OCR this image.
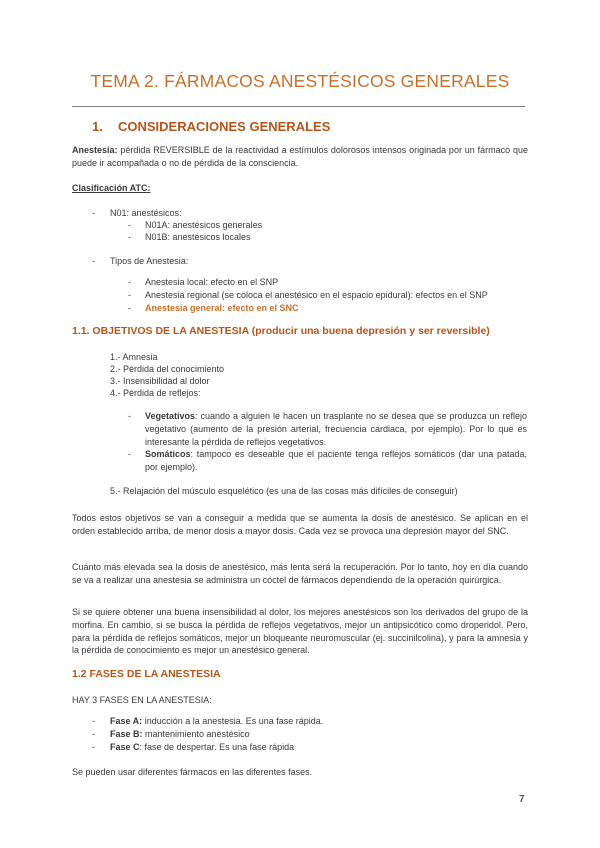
TEMA 2. FÁRMACOS ANESTÉSICOS GENERALES
1. CONSIDERACIONES GENERALES
Anestesia: pérdida REVERSIBLE de la reactividad a estímulos dolorosos intensos originada por un fármaco que puede ir acompañada o no de pérdida de la consciencia.
Clasificación ATC:
- N01: anestésicos:
- N01A: anestésicos generales
- N01B: anestésicos locales
- Tipos de Anestesia:
- Anestesia local: efecto en el SNP
- Anestesia regional (se coloca el anestésico en el espacio epidural): efectos en el SNP
- Anestesia general: efecto en el SNC
1.1. OBJETIVOS DE LA ANESTESIA (producir una buena depresión y ser reversible)
1.- Amnesia
2.- Pérdida del conocimiento
3.- Insensibilidad al dolor
4.- Pérdida de reflejos:
- Vegetativos: cuando a alguien le hacen un trasplante no se desea que se produzca un reflejo vegetativo (aumento de la presión arterial, frecuencia cardiaca, por ejemplo). Por lo que es interesante la pérdida de reflejos vegetativos.
- Somáticos: tampoco es deseable que el paciente tenga reflejos somáticos (dar una patada, por ejemplo).
5.- Relajación del músculo esquelético (es una de las cosas más difíciles de conseguir)
Todos estos objetivos se van a conseguir a medida que se aumenta la dosis de anestésico. Se aplican en el orden establecido arriba, de menor dosis a mayor dosis. Cada vez se provoca una depresión mayor del SNC.
Cuánto más elevada sea la dosis de anestésico, más lenta será la recuperación. Por lo tanto, hoy en día cuando se va a realizar una anestesia se administra un cóctel de fármacos dependiendo de la operación quirúrgica.
Si se quiere obtener una buena insensibilidad al dolor, los mejores anestésicos son los derivados del grupo de la morfina. En cambio, si se busca la pérdida de reflejos vegetativos, mejor un antipsicótico como droperidol. Pero, para la pérdida de reflejos somáticos, mejor un bloqueante neuromuscular (ej. succinilcolina), y para la amnesia y la pérdida de conocimiento es mejor un anestésico general.
1.2 FASES DE LA ANESTESIA
HAY 3 FASES EN LA ANESTESIA:
- Fase A: inducción a la anestesia. Es una fase rápida.
- Fase B: mantenimiento anestésico
- Fase C: fase de despertar. Es una fase rápida
Se pueden usar diferentes fármacos en las diferentes fases.
7
